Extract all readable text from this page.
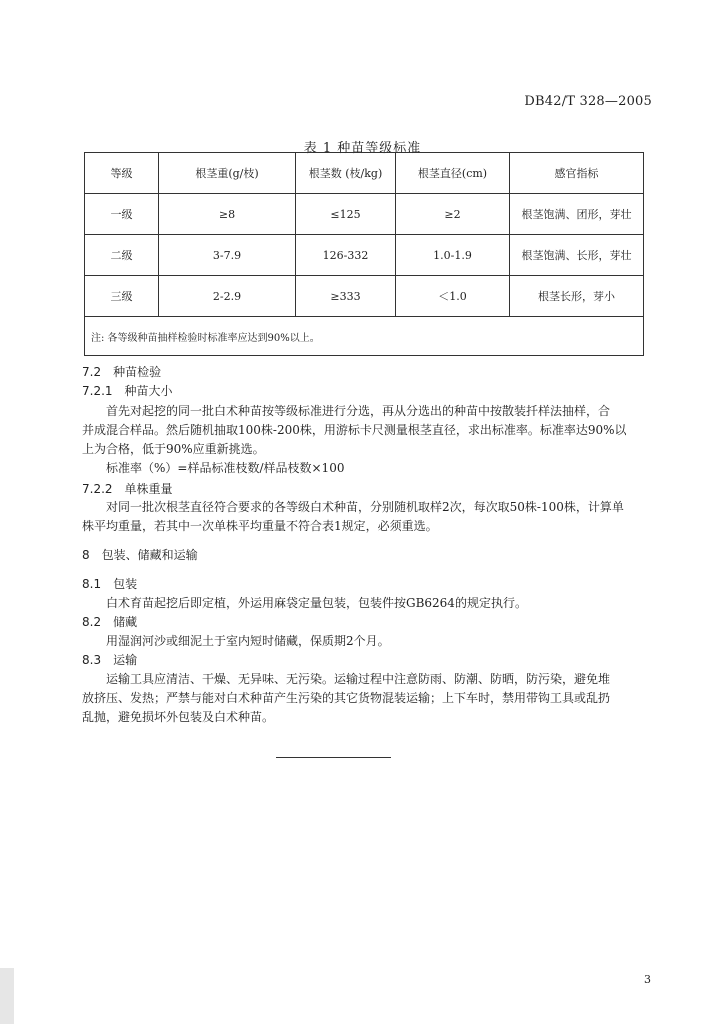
DB42/T 328—2005
表 1 种苗等级标准
等级	根茎重(g/枝)	根茎数 (枝/kg)	根茎直径(cm)	感官指标
一级	≥8	≤125	≥2	根茎饱满、团形，芽壮
二级	3-7.9	126-332	1.0-1.9	根茎饱满、长形，芽壮
三级	2-2.9	≥333	＜1.0	根茎长形，芽小
注: 各等级种苗抽样检验时标准率应达到90%以上。				
7.2　种苗检验
7.2.1　种苗大小
首先对起挖的同一批白术种苗按等级标准进行分选，再从分选出的种苗中按散装扦样法抽样，合
并成混合样品。然后随机抽取100株-200株，用游标卡尺测量根茎直径，求出标准率。标准率达90%以
上为合格，低于90%应重新挑选。
标准率（%）=样品标准枝数/样品枝数×100
7.2.2　单株重量
对同一批次根茎直径符合要求的各等级白术种苗，分别随机取样2次，每次取50株-100株，计算单
株平均重量，若其中一次单株平均重量不符合表1规定，必须重选。
8　包装、储藏和运输
8.1　包装
白术育苗起挖后即定植，外运用麻袋定量包装，包装件按GB6264的规定执行。
8.2　储藏
用湿润河沙或细泥土于室内短时储藏，保质期2个月。
8.3　运输
运输工具应清洁、干燥、无异味、无污染。运输过程中注意防雨、防潮、防晒，防污染，避免堆
放挤压、发热；严禁与能对白术种苗产生污染的其它货物混装运输；上下车时，禁用带钩工具或乱扔
乱抛，避免损坏外包装及白术种苗。
3
